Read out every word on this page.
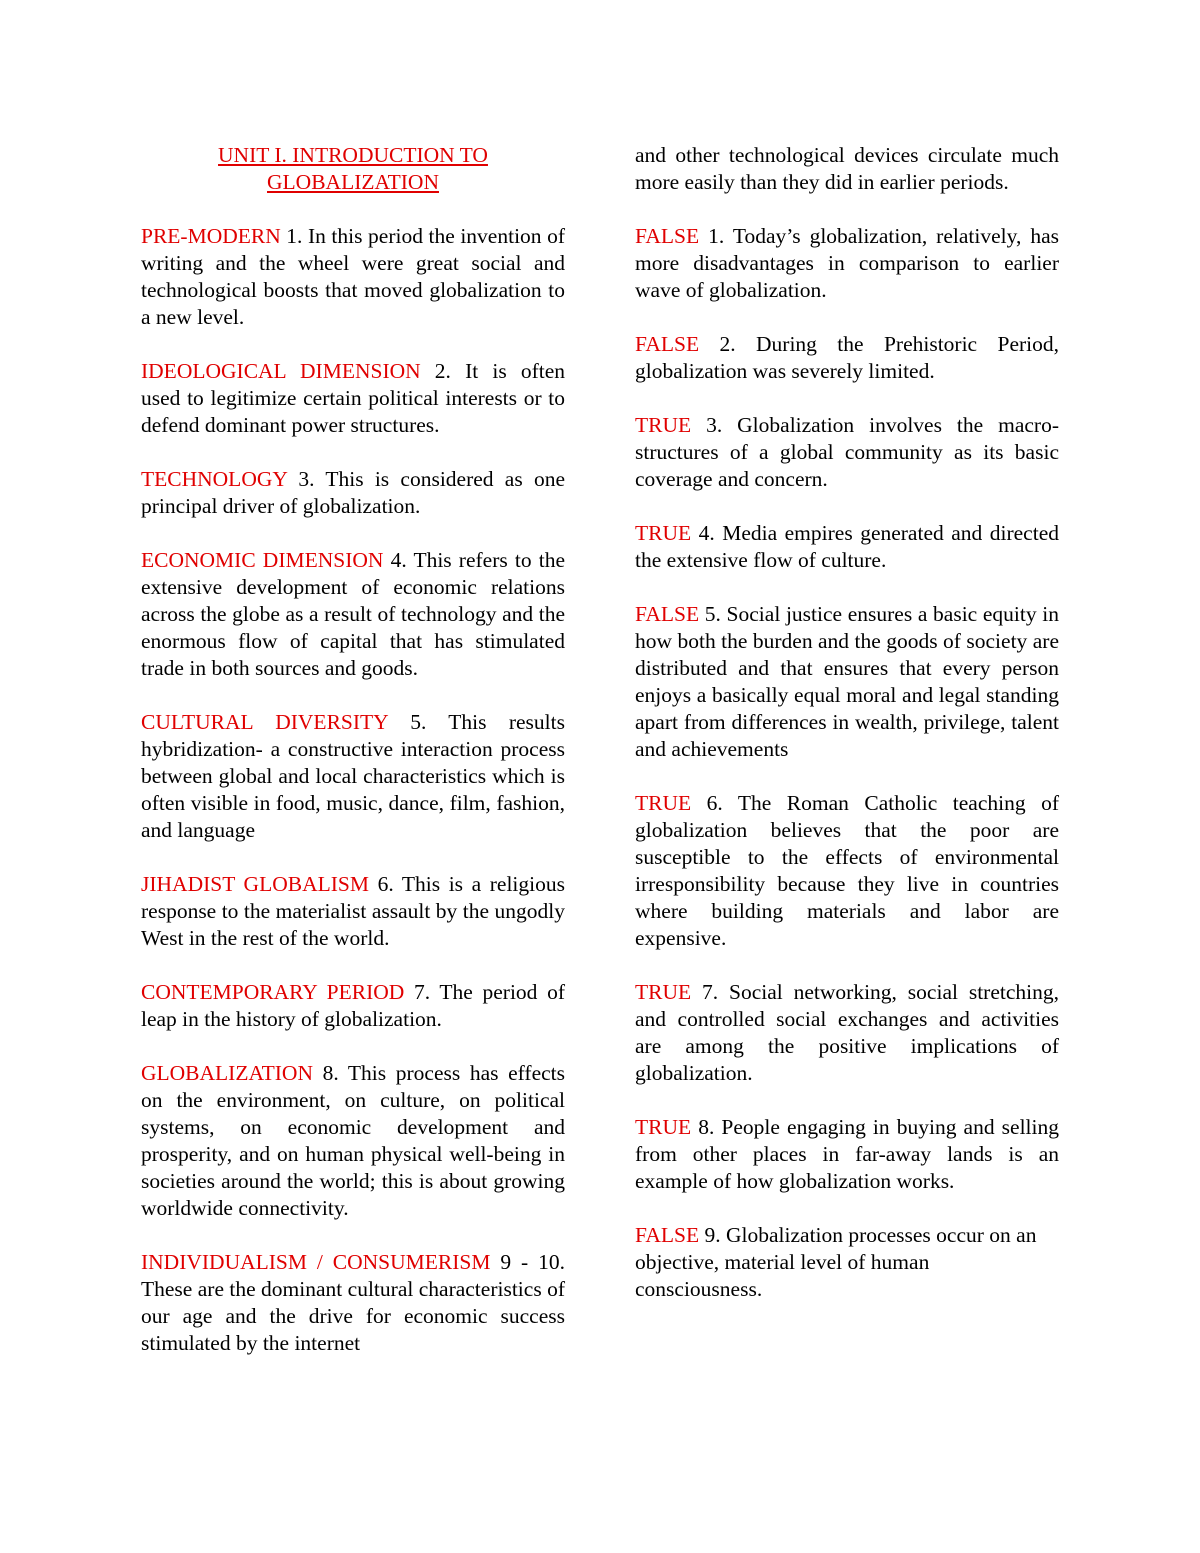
UNIT I. INTRODUCTION TO
GLOBALIZATION
PRE-MODERN 1. In this period the invention of writing and the wheel were great social and technological boosts that moved globalization to a new level.
IDEOLOGICAL DIMENSION 2. It is often used to legitimize certain political interests or to defend dominant power structures.
TECHNOLOGY 3. This is considered as one principal driver of globalization.
ECONOMIC DIMENSION 4. This refers to the extensive development of economic relations across the globe as a result of technology and the enormous flow of capital that has stimulated trade in both sources and goods.
CULTURAL DIVERSITY 5. This results hybridization- a constructive interaction process between global and local characteristics which is often visible in food, music, dance, film, fashion, and language
JIHADIST GLOBALISM 6. This is a religious response to the materialist assault by the ungodly West in the rest of the world.
CONTEMPORARY PERIOD 7. The period of leap in the history of globalization.
GLOBALIZATION 8. This process has effects on the environment, on culture, on political systems, on economic development and prosperity, and on human physical well-being in societies around the world; this is about growing worldwide connectivity.
INDIVIDUALISM / CONSUMERISM 9 - 10. These are the dominant cultural characteristics of our age and the drive for economic success stimulated by the internet
and other technological devices circulate much more easily than they did in earlier periods.
FALSE 1. Today’s globalization, relatively, has more disadvantages in comparison to earlier wave of globalization.
FALSE 2. During the Prehistoric Period, globalization was severely limited.
TRUE 3. Globalization involves the macro-structures of a global community as its basic coverage and concern.
TRUE 4. Media empires generated and directed the extensive flow of culture.
FALSE 5. Social justice ensures a basic equity in how both the burden and the goods of society are distributed and that ensures that every person enjoys a basically equal moral and legal standing apart from differences in wealth, privilege, talent and achievements
TRUE 6. The Roman Catholic teaching of globalization believes that the poor are susceptible to the effects of environmental irresponsibility because they live in countries where building materials and labor are expensive.
TRUE 7. Social networking, social stretching, and controlled social exchanges and activities are among the positive implications of globalization.
TRUE 8. People engaging in buying and selling from other places in far-away lands is an example of how globalization works.
FALSE 9. Globalization processes occur on an objective, material level of human consciousness.
